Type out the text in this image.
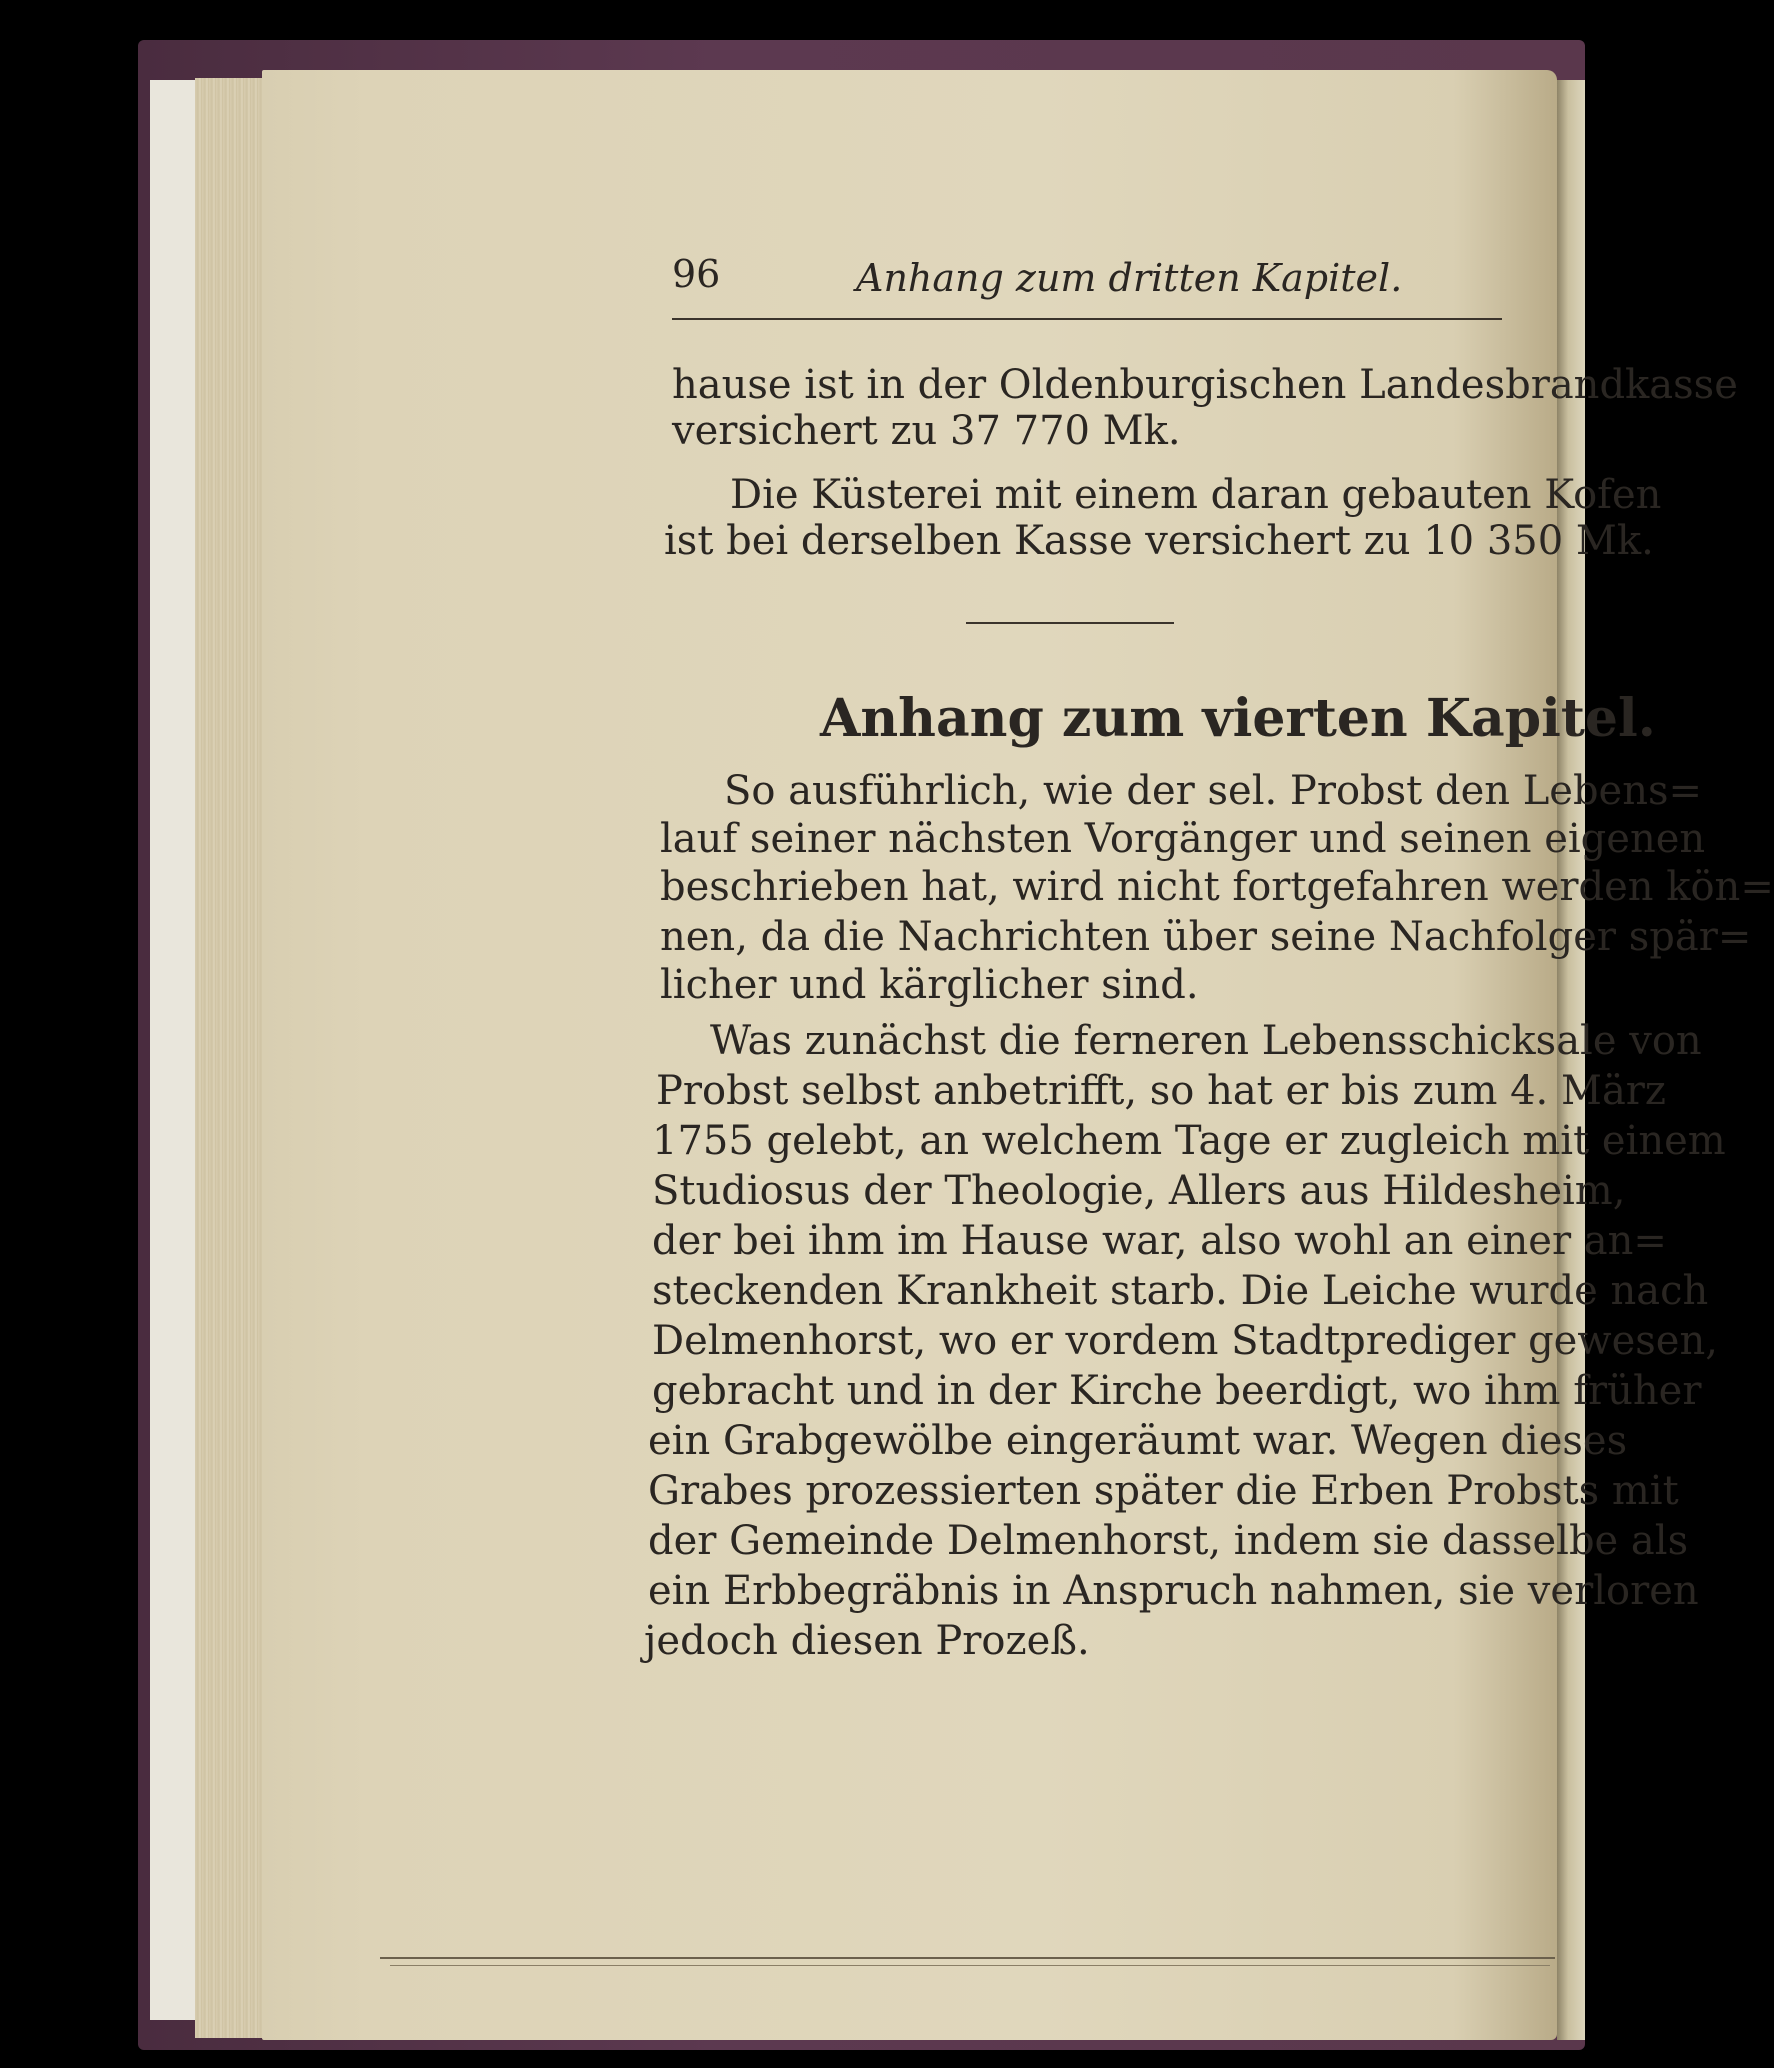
96	Anhang zum dritten Kapitel.
hause ist in der Oldenburgischen Landesbrandkasse
versichert zu 37 770 Mk.
Die Küsterei mit einem daran gebauten Kofen
ist bei derselben Kasse versichert zu 10 350 Mk.
Anhang zum vierten Kapitel.
So ausführlich, wie der sel. Probst den Lebens=
lauf seiner nächsten Vorgänger und seinen eigenen
beschrieben hat, wird nicht fortgefahren werden kön=
nen, da die Nachrichten über seine Nachfolger spär=
licher und kärglicher sind.
Was zunächst die ferneren Lebensschicksale von
Probst selbst anbetrifft, so hat er bis zum 4. März
1755 gelebt, an welchem Tage er zugleich mit einem
Studiosus der Theologie, Allers aus Hildesheim,
der bei ihm im Hause war, also wohl an einer an=
steckenden Krankheit starb. Die Leiche wurde nach
Delmenhorst, wo er vordem Stadtprediger gewesen,
gebracht und in der Kirche beerdigt, wo ihm früher
ein Grabgewölbe eingeräumt war. Wegen dieses
Grabes prozessierten später die Erben Probsts mit
der Gemeinde Delmenhorst, indem sie dasselbe als
ein Erbbegräbnis in Anspruch nahmen, sie verloren
jedoch diesen Prozeß.
